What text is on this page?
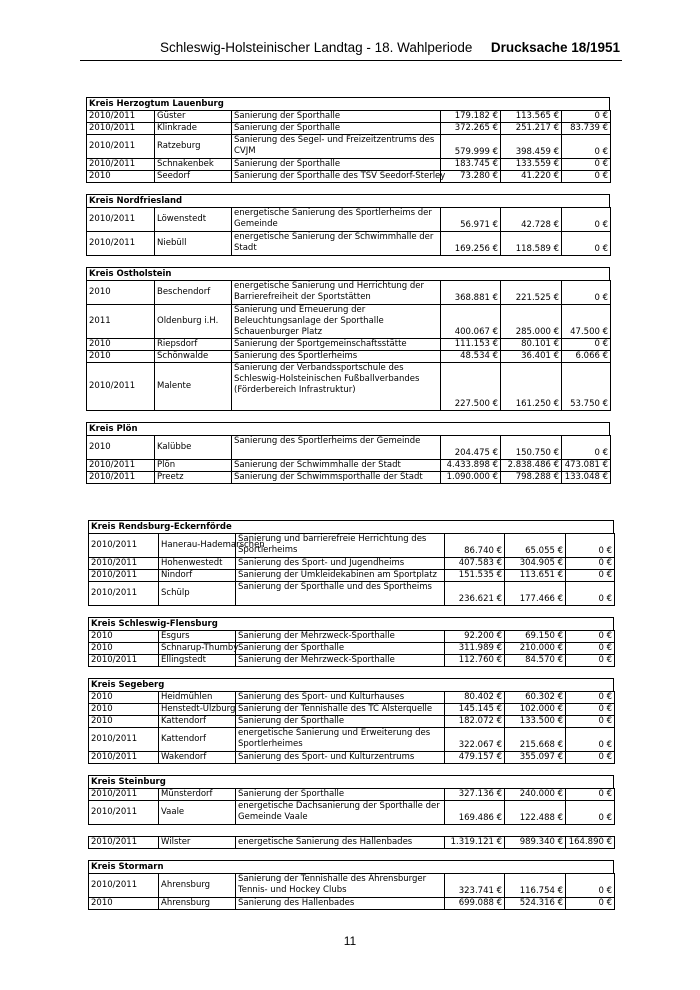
Schleswig-Holsteinischer Landtag - 18. Wahlperiode Drucksache 18/1951
Kreis Herzogtum Lauenburg
2010/2011	Güster	Sanierung der Sporthalle	179.182 €	113.565 €	0 €
2010/2011	Klinkrade	Sanierung der Sporthalle	372.265 €	251.217 €	83.739 €
2010/2011	Ratzeburg	Sanierung des Segel- und Freizeitzentrums des CVJM	579.999 €	398.459 €	0 €
2010/2011	Schnakenbek	Sanierung der Sporthalle	183.745 €	133.559 €	0 €
2010	Seedorf	Sanierung der Sporthalle des TSV Seedorf-Sterley	73.280 €	41.220 €	0 €
Kreis Nordfriesland
2010/2011	Löwenstedt	energetische Sanierung des Sportlerheims der Gemeinde	56.971 €	42.728 €	0 €
2010/2011	Niebüll	energetische Sanierung der Schwimmhalle der Stadt	169.256 €	118.589 €	0 €
Kreis Ostholstein
2010	Beschendorf	energetische Sanierung und Herrichtung der Barrierefreiheit der Sportstätten	368.881 €	221.525 €	0 €
2011	Oldenburg i.H.	Sanierung und Erneuerung der Beleuchtungsanlage der Sporthalle Schauenburger Platz	400.067 €	285.000 €	47.500 €
2010	Riepsdorf	Sanierung der Sportgemeinschaftsstätte	111.153 €	80.101 €	0 €
2010	Schönwalde	Sanierung des Sportlerheims	48.534 €	36.401 €	6.066 €
2010/2011	Malente	Sanierung der Verbandssportschule des Schleswig-Holsteinischen Fußballverbandes (Förderbereich Infrastruktur)	227.500 €	161.250 €	53.750 €
Kreis Plön
2010	Kalübbe	Sanierung des Sportlerheims der Gemeinde	204.475 €	150.750 €	0 €
2010/2011	Plön	Sanierung der Schwimmhalle der Stadt	4.433.898 €	2.838.486 €	473.081 €
2010/2011	Preetz	Sanierung der Schwimmsporthalle der Stadt	1.090.000 €	798.288 €	133.048 €
Kreis Rendsburg-Eckernförde
2010/2011	Hanerau-Hademarschen	Sanierung und barrierefreie Herrichtung des Sportlerheims	86.740 €	65.055 €	0 €
2010/2011	Hohenwestedt	Sanierung des Sport- und Jugendheims	407.583 €	304.905 €	0 €
2010/2011	Nindorf	Sanierung der Umkleidekabinen am Sportplatz	151.535 €	113.651 €	0 €
2010/2011	Schülp	Sanierung der Sporthalle und des Sportheims	236.621 €	177.466 €	0 €
Kreis Schleswig-Flensburg
2010	Esgurs	Sanierung der Mehrzweck-Sporthalle	92.200 €	69.150 €	0 €
2010	Schnarup-Thumby	Sanierung der Sporthalle	311.989 €	210.000 €	0 €
2010/2011	Ellingstedt	Sanierung der Mehrzweck-Sporthalle	112.760 €	84.570 €	0 €
Kreis Segeberg
2010	Heidmühlen	Sanierung des Sport- und Kulturhauses	80.402 €	60.302 €	0 €
2010	Henstedt-Ulzburg	Sanierung der Tennishalle des TC Alsterquelle	145.145 €	102.000 €	0 €
2010	Kattendorf	Sanierung der Sporthalle	182.072 €	133.500 €	0 €
2010/2011	Kattendorf	energetische Sanierung und Erweiterung des Sportlerheimes	322.067 €	215.668 €	0 €
2010/2011	Wakendorf	Sanierung des Sport- und Kulturzentrums	479.157 €	355.097 €	0 €
Kreis Steinburg
2010/2011	Münsterdorf	Sanierung der Sporthalle	327.136 €	240.000 €	0 €
2010/2011	Vaale	energetische Dachsanierung der Sporthalle der Gemeinde Vaale	169.486 €	122.488 €	0 €
2010/2011	Wilster	energetische Sanierung des Hallenbades	1.319.121 €	989.340 €	164.890 €
Kreis Stormarn
2010/2011	Ahrensburg	Sanierung der Tennishalle des Ahrensburger Tennis- und Hockey Clubs	323.741 €	116.754 €	0 €
2010	Ahrensburg	Sanierung des Hallenbades	699.088 €	524.316 €	0 €
11
